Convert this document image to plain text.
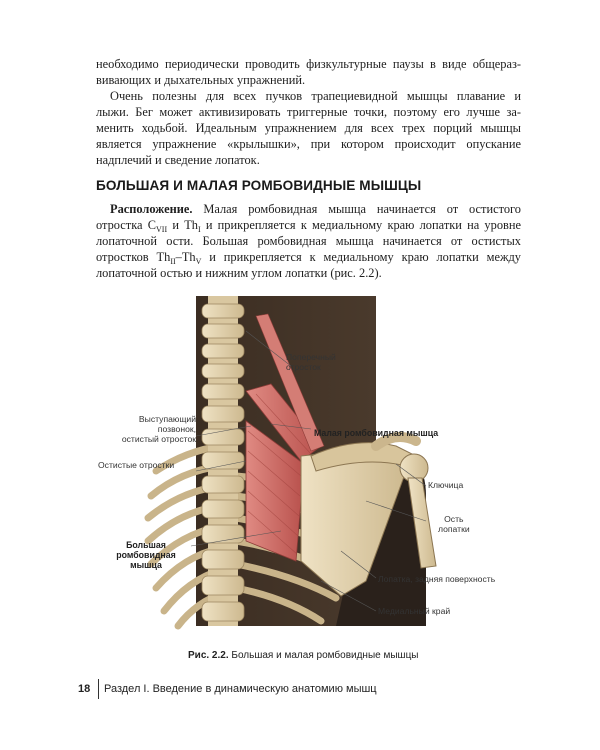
необходимо периодически проводить физкультурные паузы в виде общераз-
вивающих и дыхательных упражнений.
Очень полезны для всех пучков трапециевидной мышцы плавание и
лыжи. Бег может активизировать триггерные точки, поэтому его лучше за-
менить ходьбой. Идеальным упражнением для всех трех порций мышцы
является упражнение «крылышки», при котором происходит опускание
надплечий и сведение лопаток.
БОЛЬШАЯ И МАЛАЯ РОМБОВИДНЫЕ МЫШЦЫ
Расположение. Малая ромбовидная мышца начинается от остистого
отростка $C_{VII}$ и $Th_I$ и прикрепляется к медиальному краю лопатки на уровне
лопаточной ости. Большая ромбовидная мышца начинается от остистых
отростков $Th_{II}-Th_V$ и прикрепляется к медиальному краю лопатки между
лопаточной остью и нижним углом лопатки (рис. 2.2).
Поперечный
отросток
Выступающий
позвонок,
остистый отросток
Малая ромбовидная мышца
Остистые отростки
Ключица
Ость
лопатки
Большая
ромбовидная мышца
Лопатка, задняя поверхность
Медиальный край
Рис. 2.2. Большая и малая ромбовидные мышцы
18 Раздел I. Введение в динамическую анатомию мышц
